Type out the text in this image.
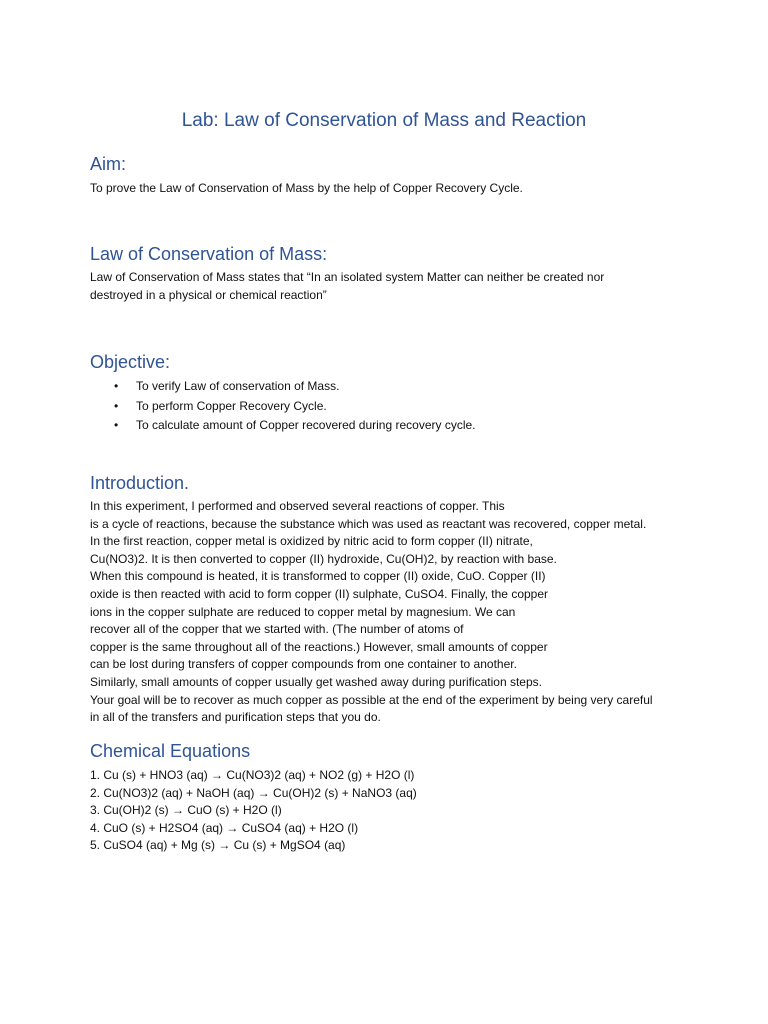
Lab: Law of Conservation of Mass and Reaction
Aim:

To prove the Law of Conservation of Mass by the help of Copper Recovery Cycle.

Law of Conservation of Mass:

Law of Conservation of Mass states that “In an isolated system Matter can neither be created nor

destroyed in a physical or chemical reaction”

Objective:
• To verify Law of conservation of Mass.
• To perform Copper Recovery Cycle.
• To calculate amount of Copper recovered during recovery cycle.
Introduction.

In this experiment, I performed and observed several reactions of copper. This

is a cycle of reactions, because the substance which was used as reactant was recovered, copper metal.

In the first reaction, copper metal is oxidized by nitric acid to form copper (II) nitrate,

Cu(NO3)2. It is then converted to copper (II) hydroxide, Cu(OH)2, by reaction with base.

When this compound is heated, it is transformed to copper (II) oxide, CuO. Copper (II)

oxide is then reacted with acid to form copper (II) sulphate, CuSO4. Finally, the copper

ions in the copper sulphate are reduced to copper metal by magnesium. We can

recover all of the copper that we started with. (The number of atoms of

copper is the same throughout all of the reactions.) However, small amounts of copper

can be lost during transfers of copper compounds from one container to another.

Similarly, small amounts of copper usually get washed away during purification steps.

Your goal will be to recover as much copper as possible at the end of the experiment by being very careful

in all of the transfers and purification steps that you do.

Chemical Equations

1. Cu (s) + HNO3 (aq) → Cu(NO3)2 (aq) + NO2 (g) + H2O (l)

2. Cu(NO3)2 (aq) + NaOH (aq) → Cu(OH)2 (s) + NaNO3 (aq)

3. Cu(OH)2 (s) → CuO (s) + H2O (l)

4. CuO (s) + H2SO4 (aq) → CuSO4 (aq) + H2O (l)

5. CuSO4 (aq) + Mg (s) → Cu (s) + MgSO4 (aq)
